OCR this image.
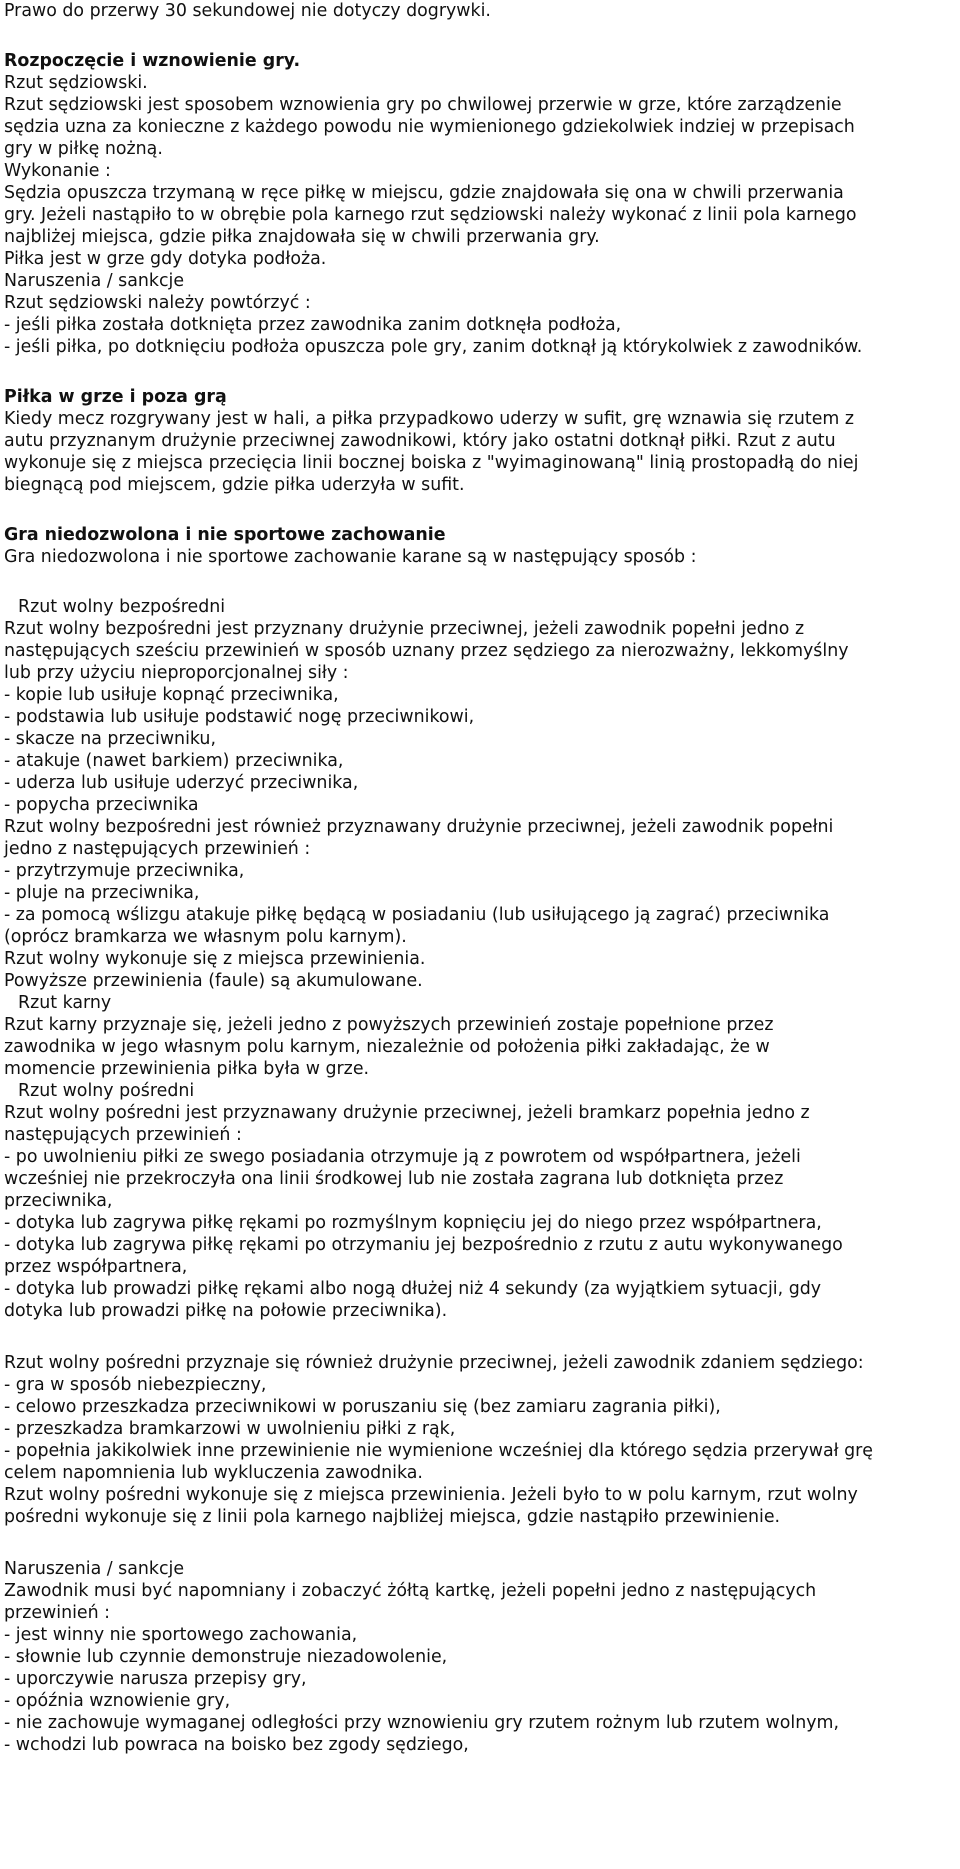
Prawo do przerwy 30 sekundowej nie dotyczy dogrywki.

Rozpoczęcie i wznowienie gry.

Rzut sędziowski.

Rzut sędziowski jest sposobem wznowienia gry po chwilowej przerwie w grze, które zarządzenie

sędzia uzna za konieczne z każdego powodu nie wymienionego gdziekolwiek indziej w przepisach

gry w piłkę nożną.

Wykonanie :

Sędzia opuszcza trzymaną w ręce piłkę w miejscu, gdzie znajdowała się ona w chwili przerwania

gry. Jeżeli nastąpiło to w obrębie pola karnego rzut sędziowski należy wykonać z linii pola karnego

najbliżej miejsca, gdzie piłka znajdowała się w chwili przerwania gry.

Piłka jest w grze gdy dotyka podłoża.

Naruszenia / sankcje

Rzut sędziowski należy powtórzyć :

- jeśli piłka została dotknięta przez zawodnika zanim dotknęła podłoża,

- jeśli piłka, po dotknięciu podłoża opuszcza pole gry, zanim dotknął ją którykolwiek z zawodników.

Piłka w grze i poza grą

Kiedy mecz rozgrywany jest w hali, a piłka przypadkowo uderzy w sufit, grę wznawia się rzutem z

autu przyznanym drużynie przeciwnej zawodnikowi, który jako ostatni dotknął piłki. Rzut z autu

wykonuje się z miejsca przecięcia linii bocznej boiska z "wyimaginowaną" linią prostopadłą do niej

biegnącą pod miejscem, gdzie piłka uderzyła w sufit.

Gra niedozwolona i nie sportowe zachowanie

Gra niedozwolona i nie sportowe zachowanie karane są w następujący sposób :

Rzut wolny bezpośredni

Rzut wolny bezpośredni jest przyznany drużynie przeciwnej, jeżeli zawodnik popełni jedno z

następujących sześciu przewinień w sposób uznany przez sędziego za nierozważny, lekkomyślny

lub przy użyciu nieproporcjonalnej siły :

- kopie lub usiłuje kopnąć przeciwnika,

- podstawia lub usiłuje podstawić nogę przeciwnikowi,

- skacze na przeciwniku,

- atakuje (nawet barkiem) przeciwnika,

- uderza lub usiłuje uderzyć przeciwnika,

- popycha przeciwnika

Rzut wolny bezpośredni jest również przyznawany drużynie przeciwnej, jeżeli zawodnik popełni

jedno z następujących przewinień :

- przytrzymuje przeciwnika,

- pluje na przeciwnika,

- za pomocą wślizgu atakuje piłkę będącą w posiadaniu (lub usiłującego ją zagrać) przeciwnika

(oprócz bramkarza we własnym polu karnym).

Rzut wolny wykonuje się z miejsca przewinienia.

Powyższe przewinienia (faule) są akumulowane.

Rzut karny

Rzut karny przyznaje się, jeżeli jedno z powyższych przewinień zostaje popełnione przez

zawodnika w jego własnym polu karnym, niezależnie od położenia piłki zakładając, że w

momencie przewinienia piłka była w grze.

Rzut wolny pośredni

Rzut wolny pośredni jest przyznawany drużynie przeciwnej, jeżeli bramkarz popełnia jedno z

następujących przewinień :

- po uwolnieniu piłki ze swego posiadania otrzymuje ją z powrotem od współpartnera, jeżeli

wcześniej nie przekroczyła ona linii środkowej lub nie została zagrana lub dotknięta przez

przeciwnika,

- dotyka lub zagrywa piłkę rękami po rozmyślnym kopnięciu jej do niego przez współpartnera,

- dotyka lub zagrywa piłkę rękami po otrzymaniu jej bezpośrednio z rzutu z autu wykonywanego

przez współpartnera,

- dotyka lub prowadzi piłkę rękami albo nogą dłużej niż 4 sekundy (za wyjątkiem sytuacji, gdy

dotyka lub prowadzi piłkę na połowie przeciwnika).

Rzut wolny pośredni przyznaje się również drużynie przeciwnej, jeżeli zawodnik zdaniem sędziego:

- gra w sposób niebezpieczny,

- celowo przeszkadza przeciwnikowi w poruszaniu się (bez zamiaru zagrania piłki),

- przeszkadza bramkarzowi w uwolnieniu piłki z rąk,

- popełnia jakikolwiek inne przewinienie nie wymienione wcześniej dla którego sędzia przerywał grę

celem napomnienia lub wykluczenia zawodnika.

Rzut wolny pośredni wykonuje się z miejsca przewinienia. Jeżeli było to w polu karnym, rzut wolny

pośredni wykonuje się z linii pola karnego najbliżej miejsca, gdzie nastąpiło przewinienie.

Naruszenia / sankcje

Zawodnik musi być napomniany i zobaczyć żółtą kartkę, jeżeli popełni jedno z następujących

przewinień :

- jest winny nie sportowego zachowania,

- słownie lub czynnie demonstruje niezadowolenie,

- uporczywie narusza przepisy gry,

- opóźnia wznowienie gry,

- nie zachowuje wymaganej odległości przy wznowieniu gry rzutem rożnym lub rzutem wolnym,

- wchodzi lub powraca na boisko bez zgody sędziego,
